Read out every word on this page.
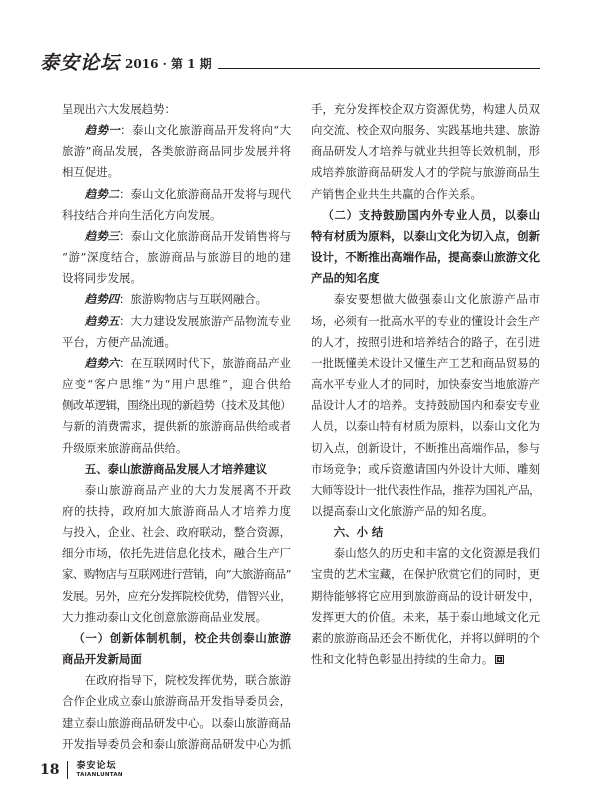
泰安论坛 2016 · 第 1 期
呈现出六大发展趋势：
趋势一：泰山文化旅游商品开发将向“大
旅游”商品发展，各类旅游商品同步发展并将
相互促进。
趋势二：泰山文化旅游商品开发将与现代
科技结合并向生活化方向发展。
趋势三：泰山文化旅游商品开发销售将与
“游”深度结合，旅游商品与旅游目的地的建
设将同步发展。
趋势四：旅游购物店与互联网融合。
趋势五：大力建设发展旅游产品物流专业
平台，方便产品流通。
趋势六：在互联网时代下，旅游商品产业
应变“客户思维”为“用户思维”，迎合供给
侧改革逻辑，围绕出现的新趋势（技术及其他）
与新的消费需求，提供新的旅游商品供给或者
升级原来旅游商品供给。
五、泰山旅游商品发展人才培养建议
泰山旅游商品产业的大力发展离不开政
府的扶持，政府加大旅游商品人才培养力度
与投入，企业、社会、政府联动，整合资源，
细分市场，依托先进信息化技术，融合生产厂
家、购物店与互联网进行营销，向“大旅游商品”
发展。另外，应充分发挥院校优势，借智兴业，
大力推动泰山文化创意旅游商品业发展。
（一）创新体制机制，校企共创泰山旅游
商品开发新局面
在政府指导下，院校发挥优势，联合旅游
合作企业成立泰山旅游商品开发指导委员会，
建立泰山旅游商品研发中心。以泰山旅游商品
开发指导委员会和泰山旅游商品研发中心为抓
手，充分发挥校企双方资源优势，构建人员双
向交流、校企双向服务、实践基地共建、旅游
商品研发人才培养与就业共担等长效机制，形
成培养旅游商品研发人才的学院与旅游商品生
产销售企业共生共赢的合作关系。
（二）支持鼓励国内外专业人员，以泰山
特有材质为原料，以泰山文化为切入点，创新
设计，不断推出高端作品，提高泰山旅游文化
产品的知名度
泰安要想做大做强泰山文化旅游产品市
场，必须有一批高水平的专业的懂设计会生产
的人才，按照引进和培养结合的路子，在引进
一批既懂美术设计又懂生产工艺和商品贸易的
高水平专业人才的同时，加快泰安当地旅游产
品设计人才的培养。支持鼓励国内和泰安专业
人员，以泰山特有材质为原料，以泰山文化为
切入点，创新设计，不断推出高端作品，参与
市场竞争；或斥资邀请国内外设计大师、雕刻
大师等设计一批代表性作品，推荐为国礼产品，
以提高泰山文化旅游产品的知名度。
六、小 结
泰山悠久的历史和丰富的文化资源是我们
宝贵的艺术宝藏，在保护欣赏它们的同时，更
期待能够将它应用到旅游商品的设计研发中，
发挥更大的价值。未来，基于泰山地域文化元
素的旅游商品还会不断优化，并将以鲜明的个
性和文化特色彰显出持续的生命力。
18 泰安论坛
TAIANLUNTAN
